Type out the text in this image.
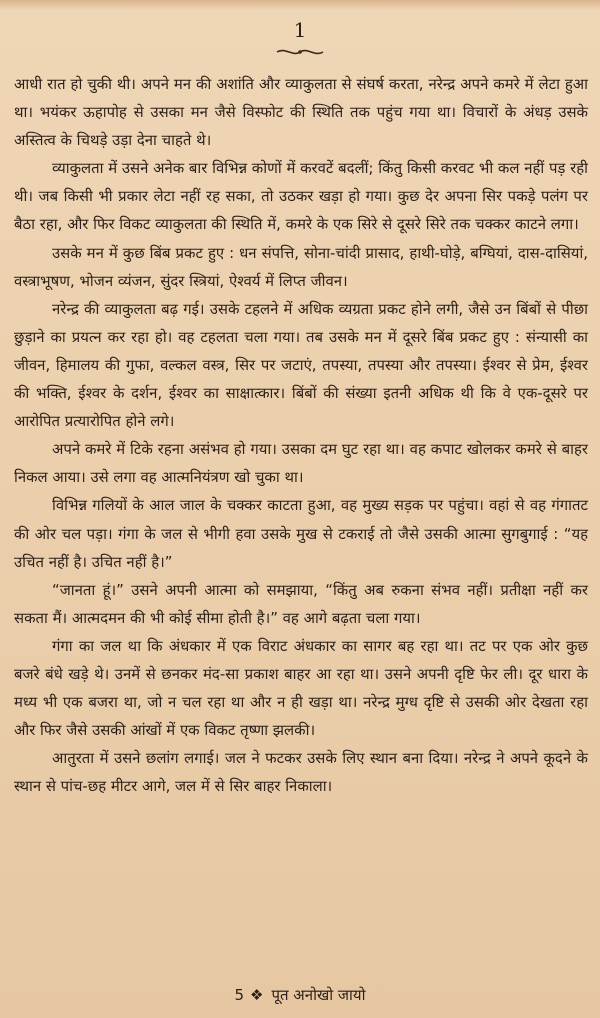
1

आधी रात हो चुकी थी। अपने मन की अशांति और व्याकुलता से संघर्ष करता, नरेन्द्र अपने कमरे में लेटा हुआ था। भयंकर ऊहापोह से उसका मन जैसे विस्फोट की स्थिति तक पहुंच गया था। विचारों के अंधड़ उसके अस्तित्व के चिथड़े उड़ा देना चाहते थे।

व्याकुलता में उसने अनेक बार विभिन्न कोणों में करवटें बदलीं; किंतु किसी करवट भी कल नहीं पड़ रही थी। जब किसी भी प्रकार लेटा नहीं रह सका, तो उठकर खड़ा हो गया। कुछ देर अपना सिर पकड़े पलंग पर बैठा रहा, और फिर विकट व्याकुलता की स्थिति में, कमरे के एक सिरे से दूसरे सिरे तक चक्कर काटने लगा।

उसके मन में कुछ बिंब प्रकट हुए : धन संपत्ति, सोना-चांदी प्रासाद, हाथी-घोड़े, बग्घियां, दास-दासियां, वस्त्राभूषण, भोजन व्यंजन, सुंदर स्त्रियां, ऐश्वर्य में लिप्त जीवन।

नरेन्द्र की व्याकुलता बढ़ गई। उसके टहलने में अधिक व्यग्रता प्रकट होने लगी, जैसे उन बिंबों से पीछा छुड़ाने का प्रयत्न कर रहा हो। वह टहलता चला गया। तब उसके मन में दूसरे बिंब प्रकट हुए : संन्यासी का जीवन, हिमालय की गुफा, वल्कल वस्त्र, सिर पर जटाएं, तपस्या, तपस्या और तपस्या। ईश्वर से प्रेम, ईश्वर की भक्ति, ईश्वर के दर्शन, ईश्वर का साक्षात्कार। बिंबों की संख्या इतनी अधिक थी कि वे एक-दूसरे पर आरोपित प्रत्यारोपित होने लगे।

अपने कमरे में टिके रहना असंभव हो गया। उसका दम घुट रहा था। वह कपाट खोलकर कमरे से बाहर निकल आया। उसे लगा वह आत्मनियंत्रण खो चुका था।

विभिन्न गलियों के आल जाल के चक्कर काटता हुआ, वह मुख्य सड़क पर पहुंचा। वहां से वह गंगातट की ओर चल पड़ा। गंगा के जल से भीगी हवा उसके मुख से टकराई तो जैसे उसकी आत्मा सुगबुगाई : “यह उचित नहीं है। उचित नहीं है।”

“जानता हूं।” उसने अपनी आत्मा को समझाया, “किंतु अब रुकना संभव नहीं। प्रतीक्षा नहीं कर सकता मैं। आत्मदमन की भी कोई सीमा होती है।” वह आगे बढ़ता चला गया।

गंगा का जल था कि अंधकार में एक विराट अंधकार का सागर बह रहा था। तट पर एक ओर कुछ बजरे बंधे खड़े थे। उनमें से छनकर मंद-सा प्रकाश बाहर आ रहा था। उसने अपनी दृष्टि फेर ली। दूर धारा के मध्य भी एक बजरा था, जो न चल रहा था और न ही खड़ा था। नरेन्द्र मुग्ध दृष्टि से उसकी ओर देखता रहा और फिर जैसे उसकी आंखों में एक विकट तृष्णा झलकी।

आतुरता में उसने छलांग लगाई। जल ने फटकर उसके लिए स्थान बना दिया। नरेन्द्र ने अपने कूदने के स्थान से पांच-छह मीटर आगे, जल में से सिर बाहर निकाला।

5 ❖ पूत अनोखो जायो
